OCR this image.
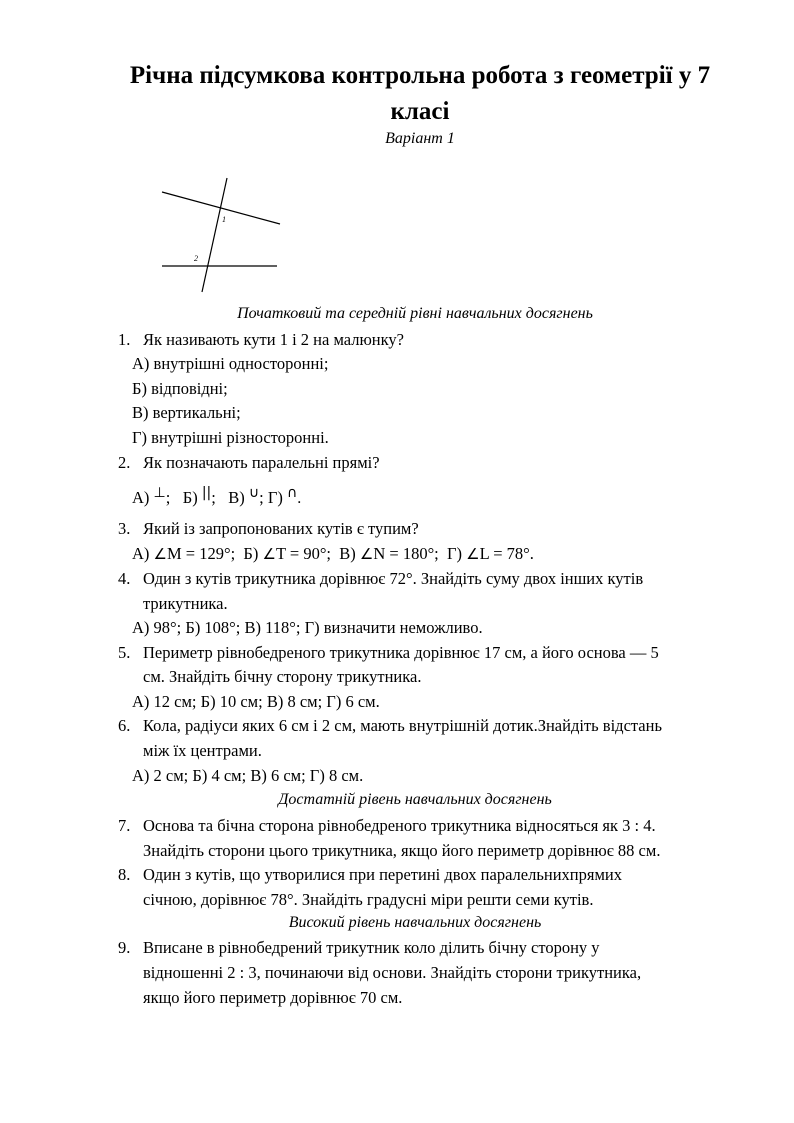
Річна підсумкова контрольна робота з геометрії у 7
класі
Варіант 1
1
2
Початковий та середній рівні навчальних досягнень
1. Як називають кути 1 і 2 на малюнку?
А) внутрішні односторонні;
Б) відповідні;
В) вертикальні;
Г) внутрішні різносторонні.
2. Як позначають паралельні прямі?
А) ⊥;   Б) ||;   В) ∪; Г) ∩.
3. Який із запропонованих кутів є тупим?
А) ∠M = 129°; Б) ∠T = 90°; В) ∠N = 180°; Г) ∠L = 78°.
4. Один з кутів трикутника дорівнює 72°. Знайдіть суму двох інших кутів
трикутника.
А) 98°; Б) 108°; В) 118°; Г) визначити неможливо.
5. Периметр рівнобедреного трикутника дорівнює 17 см, а його основа — 5
см. Знайдіть бічну сторону трикутника.
А) 12 см; Б) 10 см; В) 8 см; Г) 6 см.
6. Кола, радіуси яких 6 см і 2 см, мають внутрішній дотик.Знайдіть відстань
між їх центрами.
А) 2 см; Б) 4 см; В) 6 см; Г) 8 см.
Достатній рівень навчальних досягнень
7. Основа та бічна сторона рівнобедреного трикутника відносяться як 3 : 4.
Знайдіть сторони цього трикутника, якщо його периметр дорівнює 88 см.
8. Один з кутів, що утворилися при перетині двох паралельнихпрямих
січною, дорівнює 78°. Знайдіть градусні міри решти семи кутів.
Високий рівень навчальних досягнень
9. Вписане в рівнобедрений трикутник коло ділить бічну сторону у
відношенні 2 : 3, починаючи від основи. Знайдіть сторони трикутника,
якщо його периметр дорівнює 70 см.
